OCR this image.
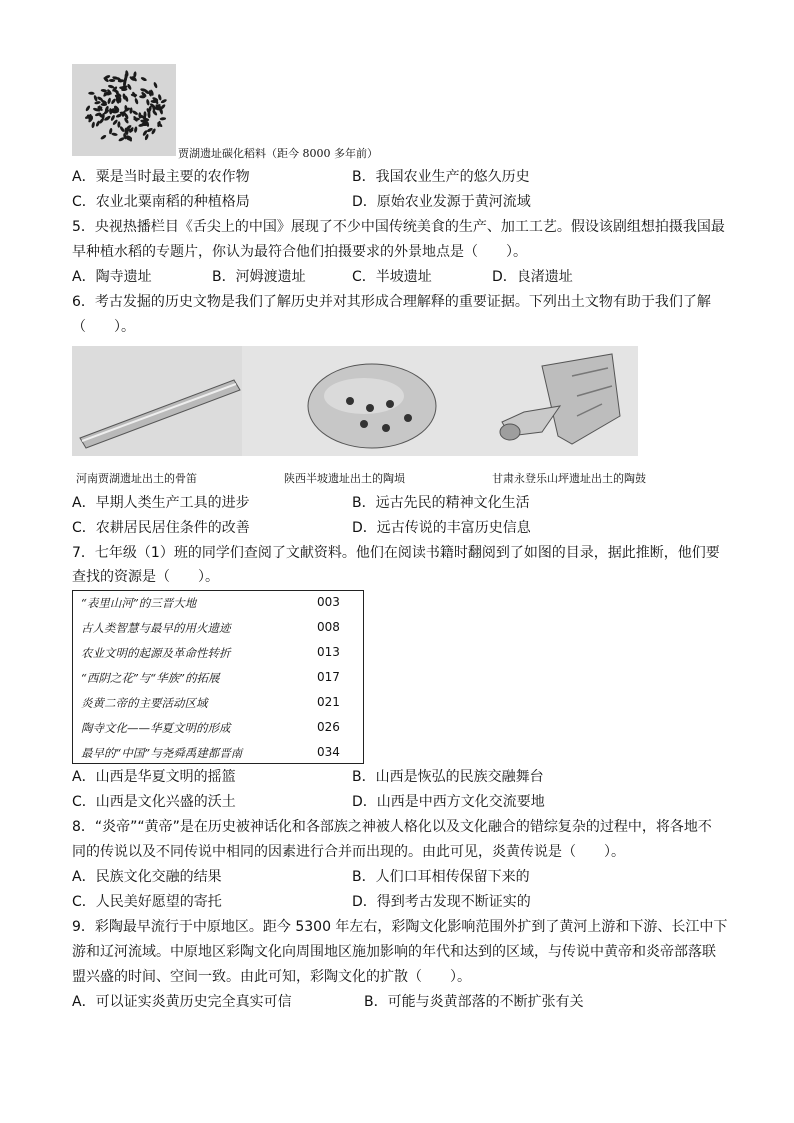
贾湖遗址碳化稻料（距今 8000 多年前）
A．粟是当时最主要的农作物	B．我国农业生产的悠久历史
C．农业北粟南稻的种植格局	D．原始农业发源于黄河流域
5．央视热播栏目《舌尖上的中国》展现了不少中国传统美食的生产、加工工艺。假设该剧组想拍摄我国最
早种植水稻的专题片，你认为最符合他们拍摄要求的外景地点是（　　）。
A．陶寺遗址	B．河姆渡遗址	C．半坡遗址	D．良渚遗址
6．考古发掘的历史文物是我们了解历史并对其形成合理解释的重要证据。下列出土文物有助于我们了解
（　　）。
河南贾湖遗址出土的骨笛	陕西半坡遗址出土的陶埙	甘肃永登乐山坪遗址出土的陶鼓
A．早期人类生产工具的进步	B．远古先民的精神文化生活
C．农耕居民居住条件的改善	D．远古传说的丰富历史信息
7．七年级（1）班的同学们查阅了文献资料。他们在阅读书籍时翻阅到了如图的目录，据此推断，他们要
查找的资源是（　　）。
“表里山河”的三晋大地	003
古人类智慧与最早的用火遗迹	008
农业文明的起源及革命性转折	013
“西阴之花”与“华族”的拓展	017
炎黄二帝的主要活动区域	021
陶寺文化——华夏文明的形成	026
最早的“中国”与尧舜禹建都晋南	034
A．山西是华夏文明的摇篮	B．山西是恢弘的民族交融舞台
C．山西是文化兴盛的沃土	D．山西是中西方文化交流要地
8．“炎帝”“黄帝”是在历史被神话化和各部族之神被人格化以及文化融合的错综复杂的过程中，将各地不
同的传说以及不同传说中相同的因素进行合并而出现的。由此可见，炎黄传说是（　　）。
A．民族文化交融的结果	B．人们口耳相传保留下来的
C．人民美好愿望的寄托	D．得到考古发现不断证实的
9．彩陶最早流行于中原地区。距今 5300 年左右，彩陶文化影响范围外扩到了黄河上游和下游、长江中下
游和辽河流域。中原地区彩陶文化向周围地区施加影响的年代和达到的区域，与传说中黄帝和炎帝部落联
盟兴盛的时间、空间一致。由此可知，彩陶文化的扩散（　　）。
A．可以证实炎黄历史完全真实可信	B．可能与炎黄部落的不断扩张有关
